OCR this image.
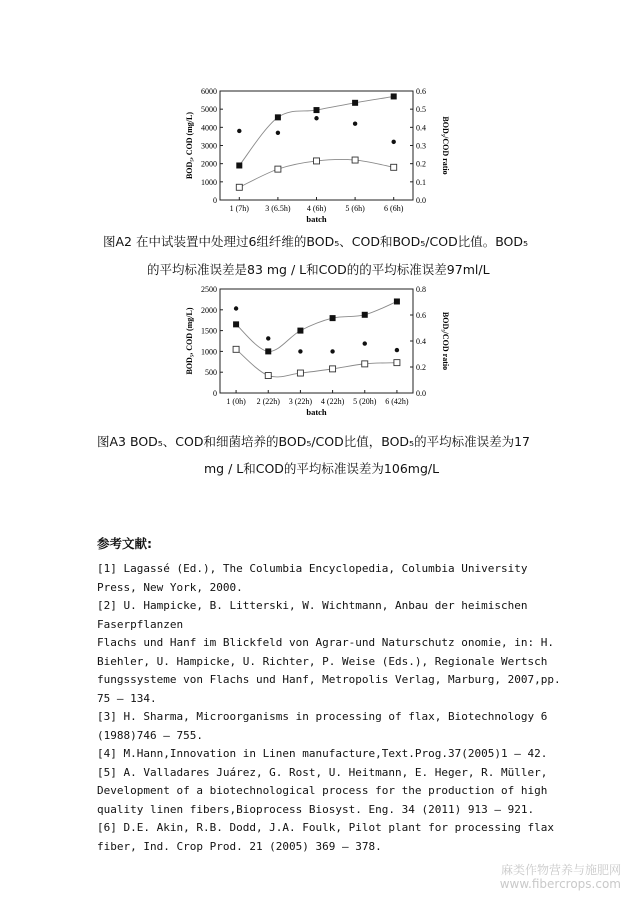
0
1000
2000
3000
4000
5000
6000
0.0
0.1
0.2
0.3
0.4
0.5
0.6
1 (7h) 3 (6.5h) 4 (6h) 5 (6h) 6 (6h)
batch
BOD₅, COD (mg/L)	BOD₅/COD ratio
图A2 在中试装置中处理过6组纤维的BOD₅、COD和BOD₅/COD比值。BOD₅
的平均标准误差是83 mg / L和COD的的平均标准误差97ml/L
0
500
1000
1500
2000
2500
0.0
0.2
0.4
0.6
0.8
1 (0h) 2 (22h) 3 (22h) 4 (22h) 5 (20h) 6 (42h)
batch
BOD₅, COD (mg/L)	BOD₅/COD ratio
图A3 BOD₅、COD和细菌培养的BOD₅/COD比值，BOD₅的平均标准误差为17
mg / L和COD的平均标准误差为106mg/L
参考文献:
[1] Lagassé (Ed.), The Columbia Encyclopedia, Columbia University Press, New York, 2000.
[2] U. Hampicke, B. Litterski, W. Wichtmann, Anbau der heimischen Faserpflanzen
Flachs und Hanf im Blickfeld von Agrar-und Naturschutz onomie, in: H. Biehler, U. Hampicke, U. Richter, P. Weise (Eds.), Regionale Wertsch fungssysteme von Flachs und Hanf, Metropolis Verlag, Marburg, 2007,pp. 75 – 134.
[3] H. Sharma, Microorganisms in processing of flax, Biotechnology 6 (1988)746 – 755.
[4] M.Hann,Innovation in Linen manufacture,Text.Prog.37(2005)1 – 42.
[5] A. Valladares Juárez, G. Rost, U. Heitmann, E. Heger, R. Müller, Development of a biotechnological process for the production of high quality linen fibers,Bioprocess Biosyst. Eng. 34 (2011) 913 – 921.
[6] D.E. Akin, R.B. Dodd, J.A. Foulk, Pilot plant for processing flax fiber, Ind. Crop Prod. 21 (2005) 369 – 378.
麻类作物营养与施肥网
www.fibercrops.com
